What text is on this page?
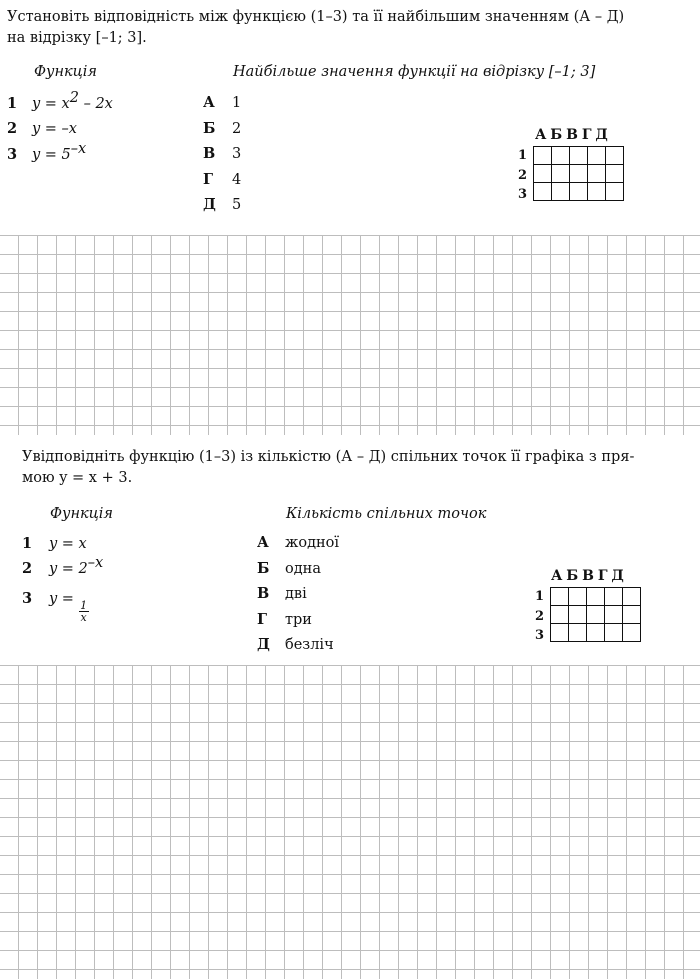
Установіть відповідність між функцією (1–3) та її найбільшим значенням (А – Д)
на відрізку [–1; 3].
Функція	Найбільше значення функції на відрізку [–1; 3]
1 $y = x^2 - 2x$
2 y = –x
3 $y = 5^{-x}$
А 1
Б 2
В 3
Г 4
Д 5
А Б В Г Д
1
2
3

Увідповідніть функцію (1–3) із кількістю (А – Д) спільних точок її графіка з пря-
мою y = x + 3.
Функція	Кількість спільних точок
1 y = x
2 $y = 2^{-x}$
3 y =
$\frac{1}{x}$
А жодної
Б одна
В дві
Г три
Д безліч
А Б В Г Д
1
2
3
